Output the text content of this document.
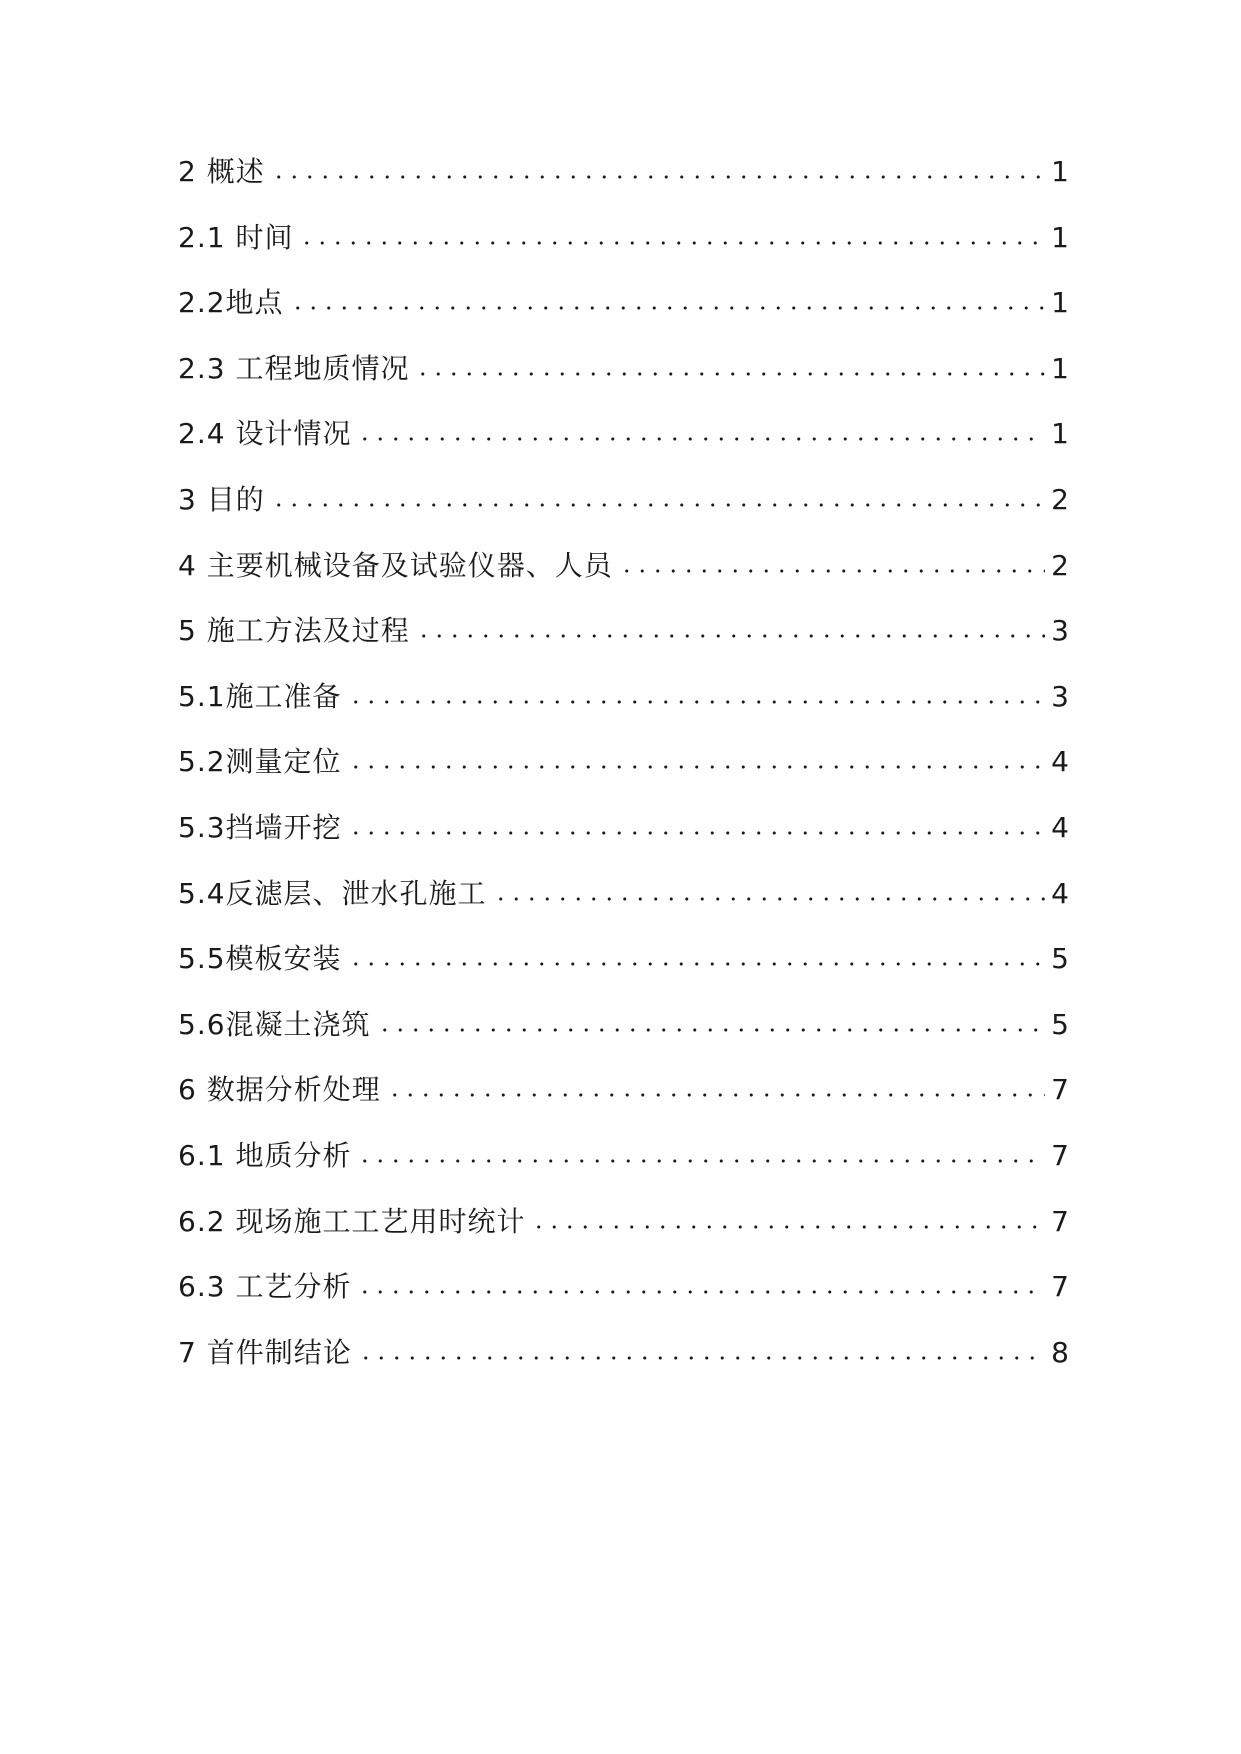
2 概述	1
2.1 时间	1
2.2 地点	1
2.3 工程地质情况	1
2.4 设计情况	1
3 目的	2
4 主要机械设备及试验仪器、人员	2
5 施工方法及过程	3
5.1 施工准备	3
5.2 测量定位	4
5.3 挡墙开挖	4
5.4 反滤层、泄水孔施工	4
5.5 模板安装	5
5.6 混凝土浇筑	5
6 数据分析处理	7
6.1 地质分析	7
6.2 现场施工工艺用时统计	7
6.3 工艺分析	7
7 首件制结论	8
